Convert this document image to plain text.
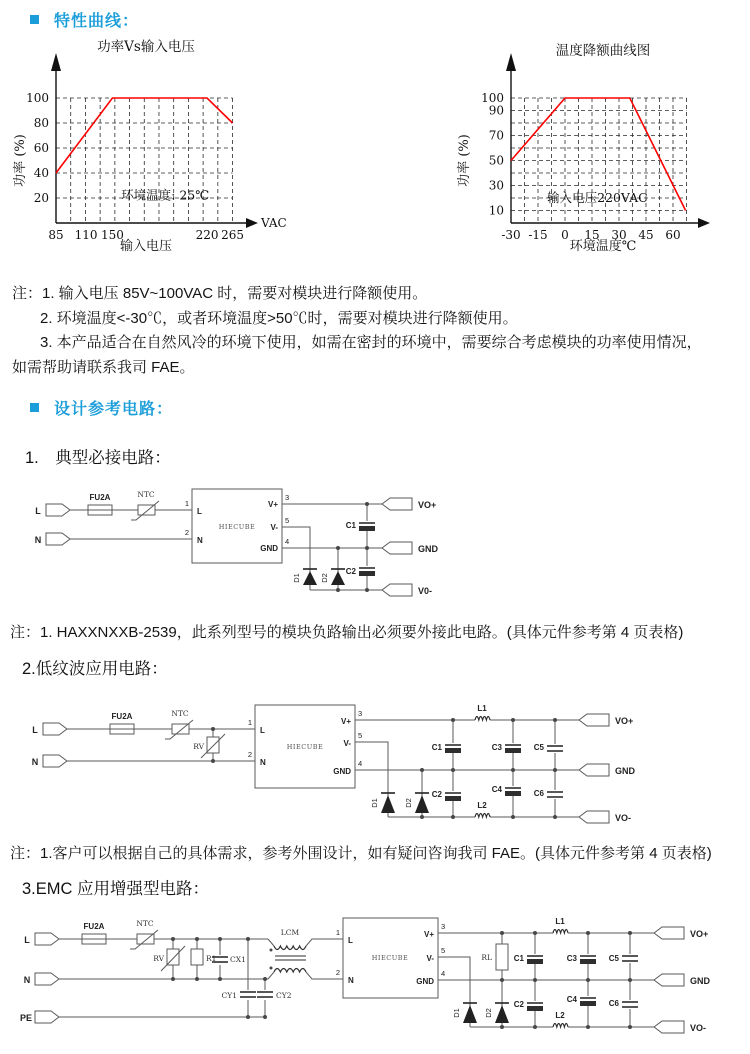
特性曲线：
VAC
85 110 150	220 265
20
40
60
80
100
功率Vs输入电压
输入电压
功率 (%)
环境温度: 25℃
-30 -15 0 15 30 45 60
10
30
50
70
90
100
温度降额曲线图
环境温度℃
功率 (%)
输入电压220VAC

注：1. 输入电压 85V~100VAC 时，需要对模块进行降额使用。

2. 环境温度<-30℃，或者环境温度>50℃时，需要对模块进行降额使用。

3. 本产品适合在自然风冷的环境下使用，如需在密封的环境中，需要综合考虑模块的功率使用情况，

如需帮助请联系我司 FAE。

设计参考电路：
1.　典型必接电路：
L
N
FU2A	NTC
1
2
L
N
HIECUBE
3
5
4
V+
V-
GND
C1
C2
D1	D2
VO+
GND
V0-

注：1. HAXXNXXB-2539，此系列型号的模块负路输出必须要外接此电路。(具体元件参考第 4 页表格)

2.低纹波应用电路：
L
N
FU2A	NTC
RV
1
2
L
N
HIECUBE
3
5
4
V+
V-
GND
D1	D2
C1
C2
C3
C4
C5
C6
L1
L2
VO+
GND
VO-

注：1.客户可以根据自己的具体需求，参考外围设计，如有疑问咨询我司 FAE。(具体元件参考第 4 页表格)

3.EMC 应用增强型电路：
L
N
PE
FU2A	NTC
RV	R1 CX1
CY1	CY2
LCM	1
2
L
N
HIECUBE
3
5
4
V+
V-
GND
RL
D1	D2
C1
C2
C3
C4
C5
C6
L1
L2
VO+
GND
VO-
